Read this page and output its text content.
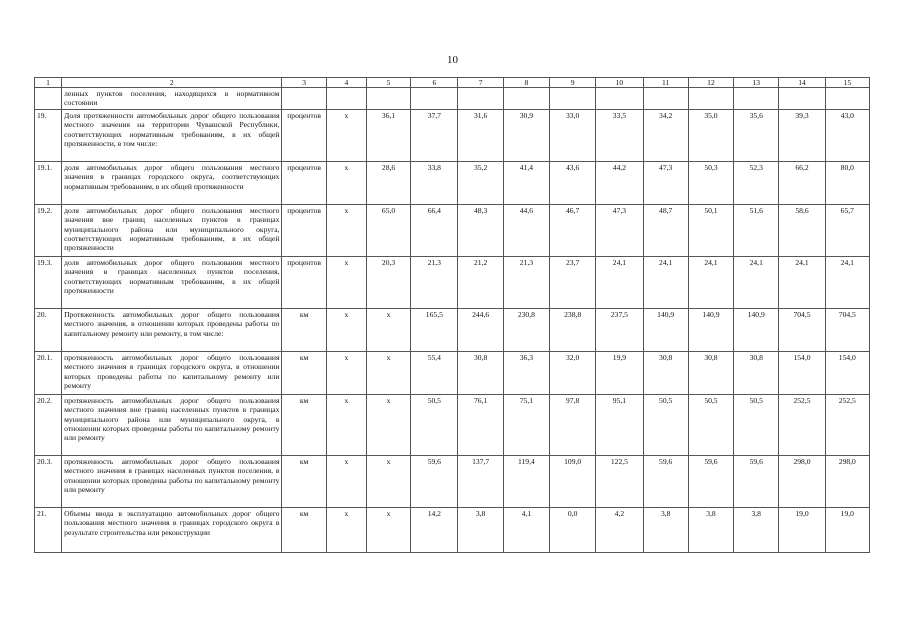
10
1	2	3	4	5	6	7	8	9	10	11	12	13	14	15
	ленных пунктов поселения, находящихся в нормативном состоянии													
19.	Доля протяженности автомобильных дорог общего пользования местного значения на территории Чувашской Республики, соответствующих нормативным требованиям, в их общей протяженности, в том числе:	процентов	х	36,1	37,7	31,6	30,9	33,0	33,5	34,2	35,0	35,6	39,3	43,0
19.1.	доля автомобильных дорог общего пользования местного значения в границах городского округа, соответствующих нормативным требованиям, в их общей протяженности	процентов	х	28,6	33,8	35,2	41,4	43,6	44,2	47,3	50,3	52,3	66,2	80,0
19.2.	доля автомобильных дорог общего пользования местного значения вне границ населенных пунктов в границах муниципального района или муниципального округа, соответствующих нормативным требованиям, в их общей протяженности	процентов	х	65,0	66,4	48,3	44,6	46,7	47,3	48,7	50,1	51,6	58,6	65,7
19.3.	доля автомобильных дорог общего пользования местного значения в границах населенных пунктов поселения, соответствующих нормативным требованиям, в их общей протяженности	процентов	х	20,3	21,3	21,2	21,3	23,7	24,1	24,1	24,1	24,1	24,1	24,1
20.	Протяженность автомобильных дорог общего пользования местного значения, в отношении которых проведены работы по капитальному ремонту или ремонту, в том числе:	км	х	х	165,5	244,6	230,8	238,8	237,5	140,9	140,9	140,9	704,5	704,5
20.1.	протяженность автомобильных дорог общего пользования местного значения в границах городского округа, в отношении которых проведены работы по капитальному ремонту или ремонту	км	х	х	55,4	30,8	36,3	32,0	19,9	30,8	30,8	30,8	154,0	154,0
20.2.	протяженность автомобильных дорог общего пользования местного значения вне границ населенных пунктов в границах муниципального района или муниципального округа, в отношении которых проведены работы по капитальному ремонту или ремонту	км	х	х	50,5	76,1	75,1	97,8	95,1	50,5	50,5	50,5	252,5	252,5
20.3.	протяженность автомобильных дорог общего пользования местного значения в границах населенных пунктов поселения, в отношении которых проведены работы по капитальному ремонту или ремонту	км	х	х	59,6	137,7	119,4	109,0	122,5	59,6	59,6	59,6	298,0	298,0
21.	Объемы ввода в эксплуатацию автомобильных дорог общего пользования местного значения в границах городского округа в результате строительства или реконструкции	км	х	х	14,2	3,8	4,1	0,0	4,2	3,8	3,8	3,8	19,0	19,0
